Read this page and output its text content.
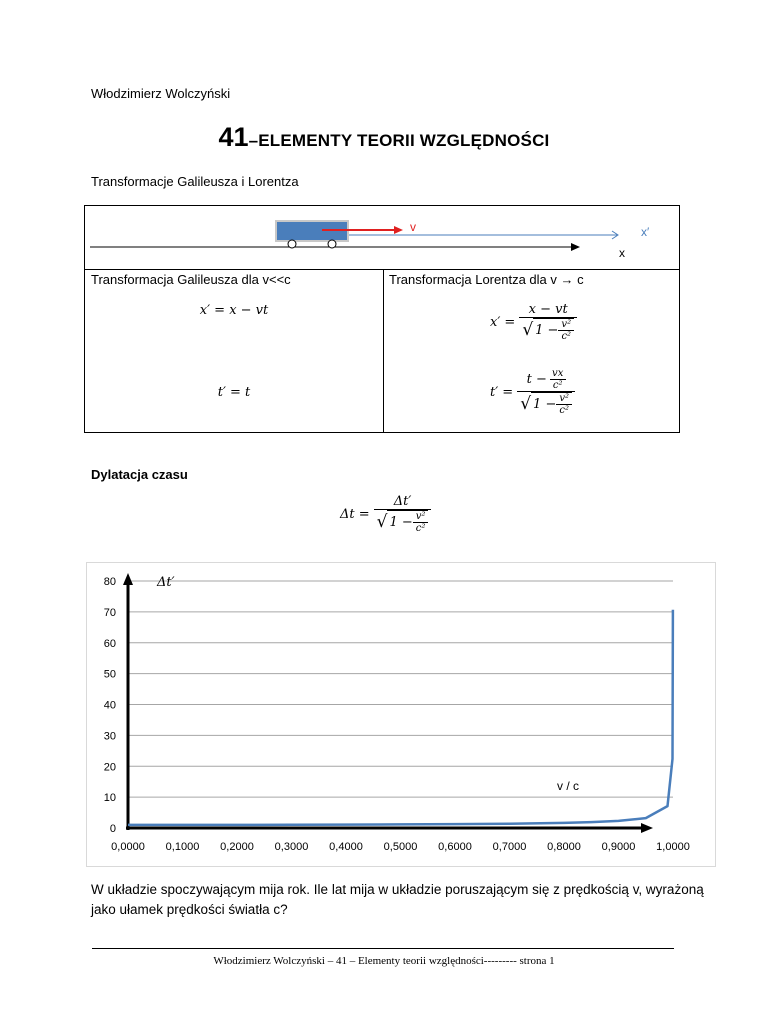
Włodzimierz Wolczyński
41–ELEMENTY TEORII WZGLĘDNOŚCI
Transformacje Galileusza i Lorentza
v
x
x′
Transformacja Galileusza dla v<<c
x′ = x − vt
t′ = t
Transformacja Lorentza dla v → c
$x' = \frac{x - vt}{√ 1 - \frac{\text{v²}}{\text{c²}}}$
$t' = \frac{t - \frac{vx}{\text{c²}}}{√ 1 - \frac{\text{v²}}{\text{c²}}}$
Dylatacja czasu
$\Delta t = \frac{\Delta t'}{√ 1 - \frac{\text{v²}}{\text{c²}}}$
0
10
20
30
40
50
60
70
80
0,0000 0,1000 0,2000 0,3000 0,4000 0,5000 0,6000 0,7000 0,8000 0,9000 1,0000
Δt′
v / c
W układzie spoczywającym mija rok. Ile lat mija w układzie poruszającym się z prędkością v, wyrażoną jako ułamek prędkości światła c?
Włodzimierz Wolczyński – 41 – Elementy teorii względności--------- strona 1
